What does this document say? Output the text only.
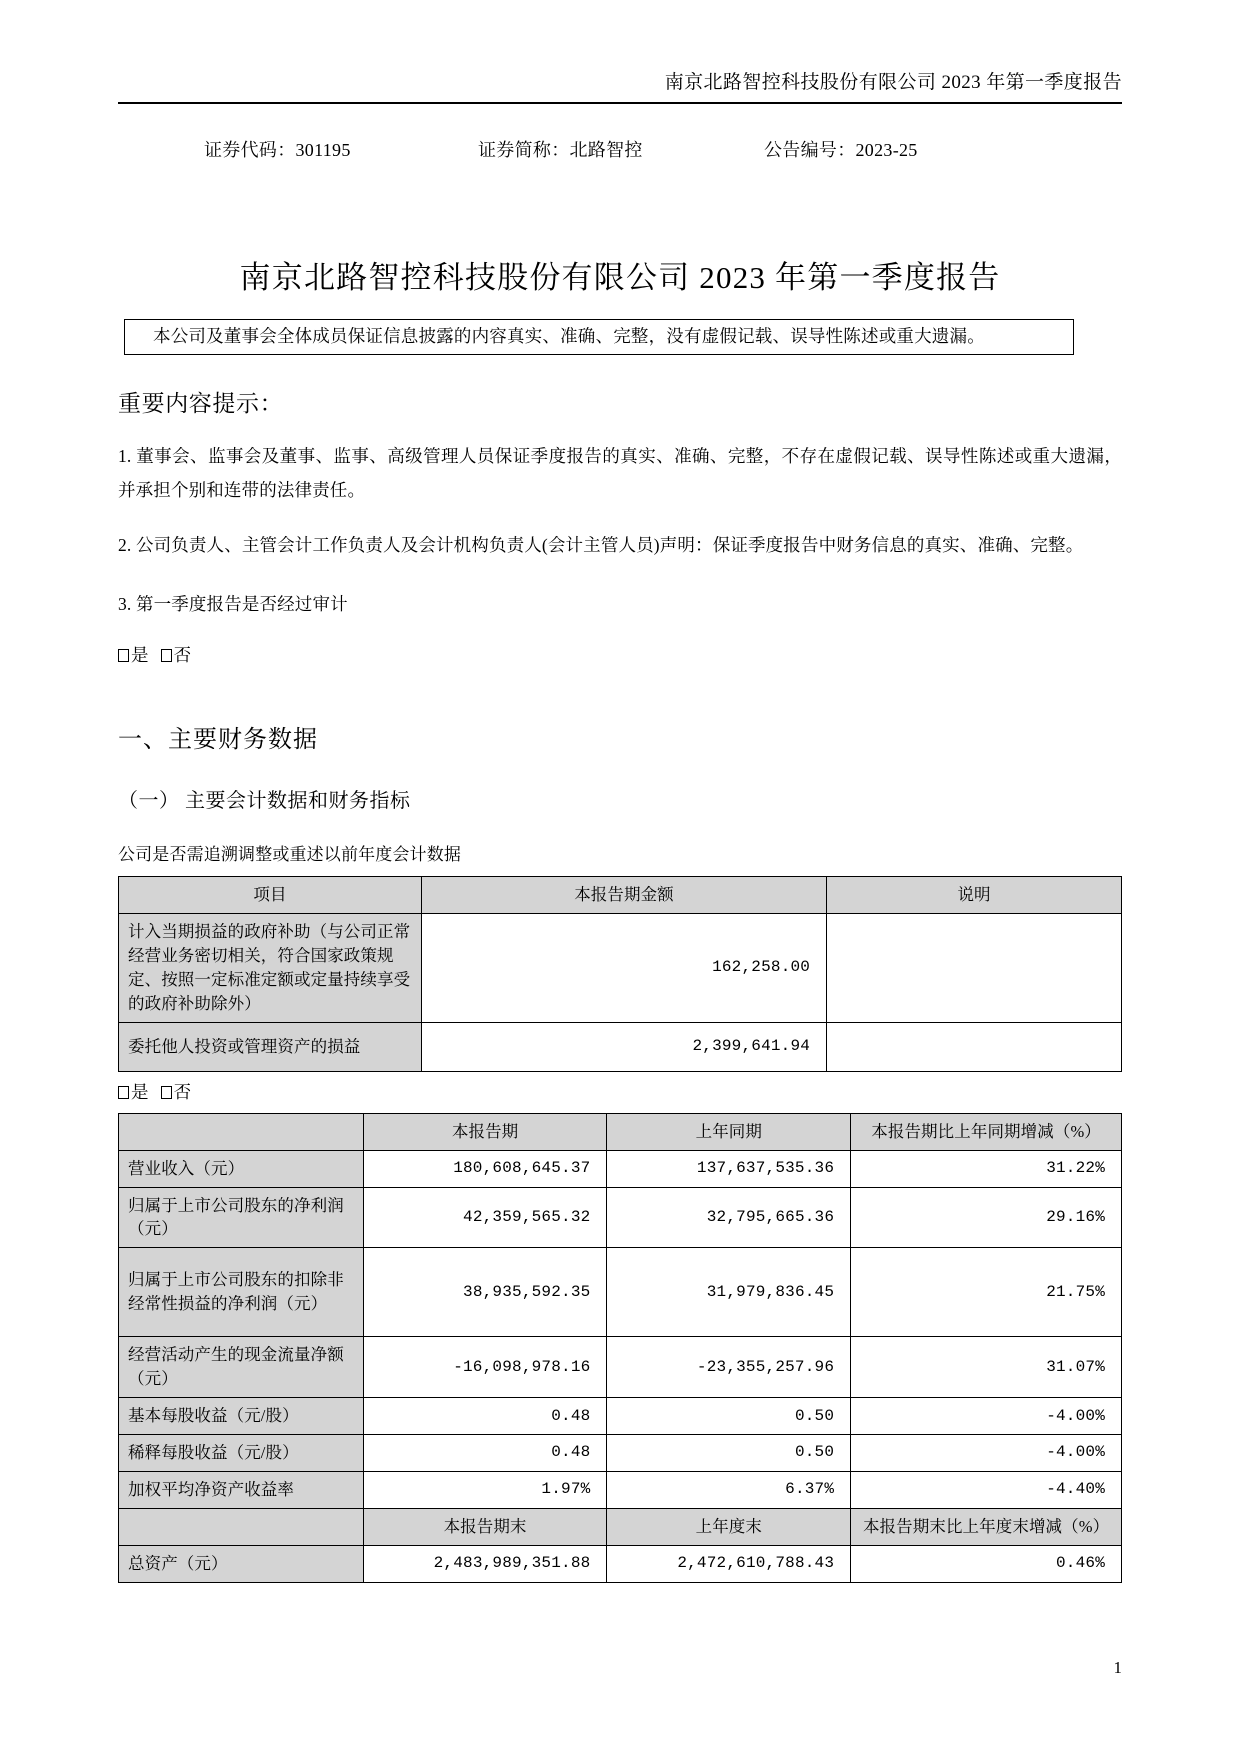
南京北路智控科技股份有限公司 2023 年第一季度报告
证券代码：301195	证券简称：北路智控	公告编号：2023-25
南京北路智控科技股份有限公司 2023 年第一季度报告
本公司及董事会全体成员保证信息披露的内容真实、准确、完整，没有虚假记载、误导性陈述或重大遗漏。
重要内容提示：
1. 董事会、监事会及董事、监事、高级管理人员保证季度报告的真实、准确、完整，不存在虚假记载、误导性陈述或重大遗漏，并承担个别和连带的法律责任。
2. 公司负责人、主管会计工作负责人及会计机构负责人(会计主管人员)声明：保证季度报告中财务信息的真实、准确、完整。
3. 第一季度报告是否经过审计
是 否
一、主要财务数据
（一） 主要会计数据和财务指标
公司是否需追溯调整或重述以前年度会计数据
项目	本报告期金额	说明
计入当期损益的政府补助（与公司正常经营业务密切相关，符合国家政策规定、按照一定标准定额或定量持续享受的政府补助除外）	162,258.00	
委托他人投资或管理资产的损益	2,399,641.94	
是 否
	本报告期	上年同期	本报告期比上年同期增减（%）
营业收入（元）	180,608,645.37	137,637,535.36	31.22%
归属于上市公司股东的净利润（元）	42,359,565.32	32,795,665.36	29.16%
归属于上市公司股东的扣除非经常性损益的净利润（元）	38,935,592.35	31,979,836.45	21.75%
经营活动产生的现金流量净额（元）	-16,098,978.16	-23,355,257.96	31.07%
基本每股收益（元/股）	0.48	0.50	-4.00%
稀释每股收益（元/股）	0.48	0.50	-4.00%
加权平均净资产收益率	1.97%	6.37%	-4.40%
	本报告期末	上年度末	本报告期末比上年度末增减（%）
总资产（元）	2,483,989,351.88	2,472,610,788.43	0.46%
1
